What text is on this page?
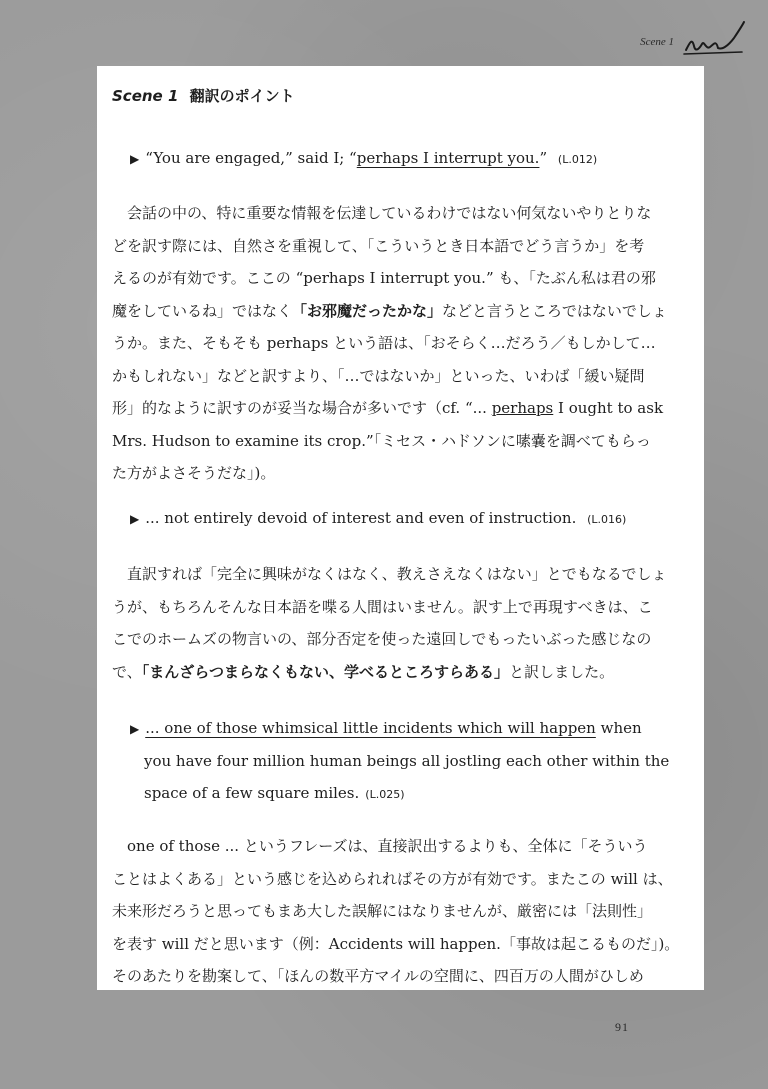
Scene 1
Scene 1 翻訳のポイント
▶ “You are engaged,” said I; “perhaps I interrupt you.” (L.012)
会話の中の、特に重要な情報を伝達しているわけではない何気ないやりとりな
どを訳す際には、自然さを重視して、「こういうとき日本語でどう言うか」を考
えるのが有効です。ここの “perhaps I interrupt you.” も、「たぶん私は君の邪
魔をしているね」ではなく「お邪魔だったかな」などと言うところではないでしょ
うか。また、そもそも perhaps という語は、「おそらく…だろう／もしかして…
かもしれない」などと訳すより、「…ではないか」といった、いわば「緩い疑問
形」的なように訳すのが妥当な場合が多いです（cf. “... perhaps I ought to ask
Mrs. Hudson to examine its crop.”「ミセス・ハドソンに嗉嚢を調べてもらっ
た方がよさそうだな」)。
▶ ... not entirely devoid of interest and even of instruction. (L.016)
直訳すれば「完全に興味がなくはなく、教えさえなくはない」とでもなるでしょ
うが、もちろんそんな日本語を喋る人間はいません。訳す上で再現すべきは、こ
こでのホームズの物言いの、部分否定を使った遠回しでもったいぶった感じなの
で、「まんざらつまらなくもない、学べるところすらある」と訳しました。
▶ ... one of those whimsical little incidents which will happen when
you have four million human beings all jostling each other within the
space of a few square miles. (L.025)
one of those ... というフレーズは、直接訳出するよりも、全体に「そういう
ことはよくある」という感じを込められればその方が有効です。またこの will は、
未来形だろうと思ってもまあ大した誤解にはなりませんが、厳密には「法則性」
を表す will だと思います（例：Accidents will happen.「事故は起こるものだ」)。
そのあたりを勘案して、「ほんの数平方マイルの空間に、四百万の人間がひしめ
91
